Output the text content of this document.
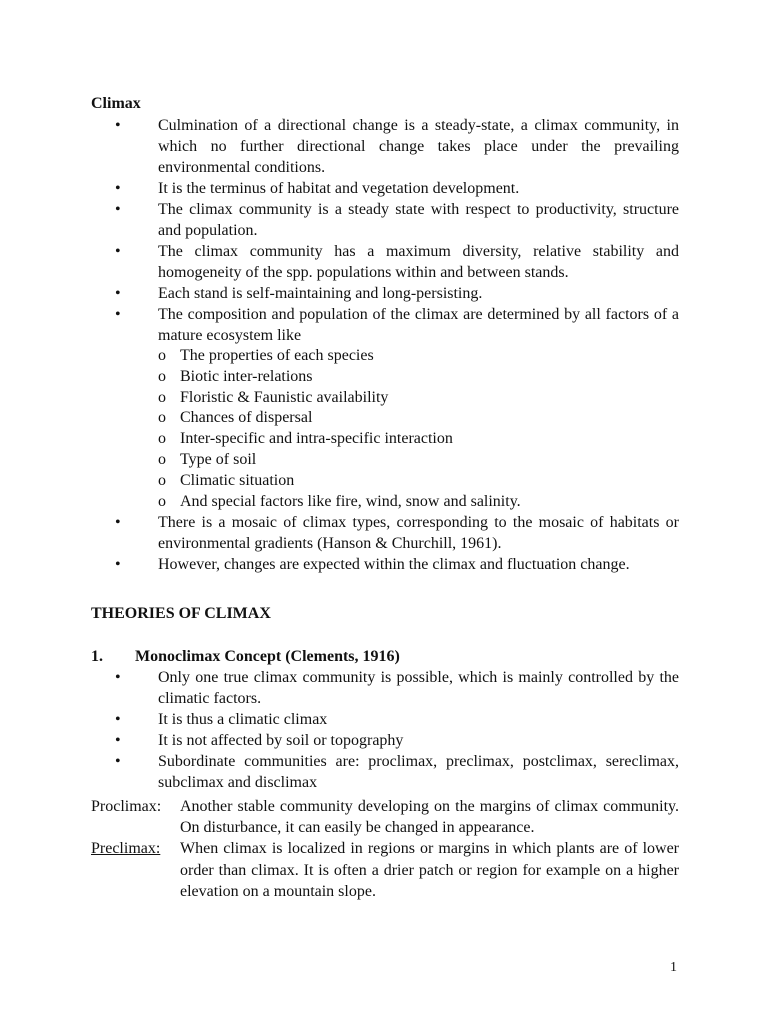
Climax
• Culmination of a directional change is a steady-state, a climax community, in which no further directional change takes place under the prevailing environmental conditions.
• It is the terminus of habitat and vegetation development.
• The climax community is a steady state with respect to productivity, structure and population.
• The climax community has a maximum diversity, relative stability and homogeneity of the spp. populations within and between stands.
• Each stand is self-maintaining and long-persisting.
• The composition and population of the climax are determined by all factors of a mature ecosystem like
o The properties of each species
o Biotic inter-relations
o Floristic & Faunistic availability
o Chances of dispersal
o Inter-specific and intra-specific interaction
o Type of soil
o Climatic situation
o And special factors like fire, wind, snow and salinity.
• There is a mosaic of climax types, corresponding to the mosaic of habitats or environmental gradients (Hanson & Churchill, 1961).
• However, changes are expected within the climax and fluctuation change.
THEORIES OF CLIMAX
1. Monoclimax Concept (Clements, 1916)
• Only one true climax community is possible, which is mainly controlled by the climatic factors.
• It is thus a climatic climax
• It is not affected by soil or topography
• Subordinate communities are: proclimax, preclimax, postclimax, sereclimax, subclimax and disclimax
Proclimax: Another stable community developing on the margins of climax community. On disturbance, it can easily be changed in appearance.
Preclimax: When climax is localized in regions or margins in which plants are of lower order than climax. It is often a drier patch or region for example on a higher elevation on a mountain slope.
1
